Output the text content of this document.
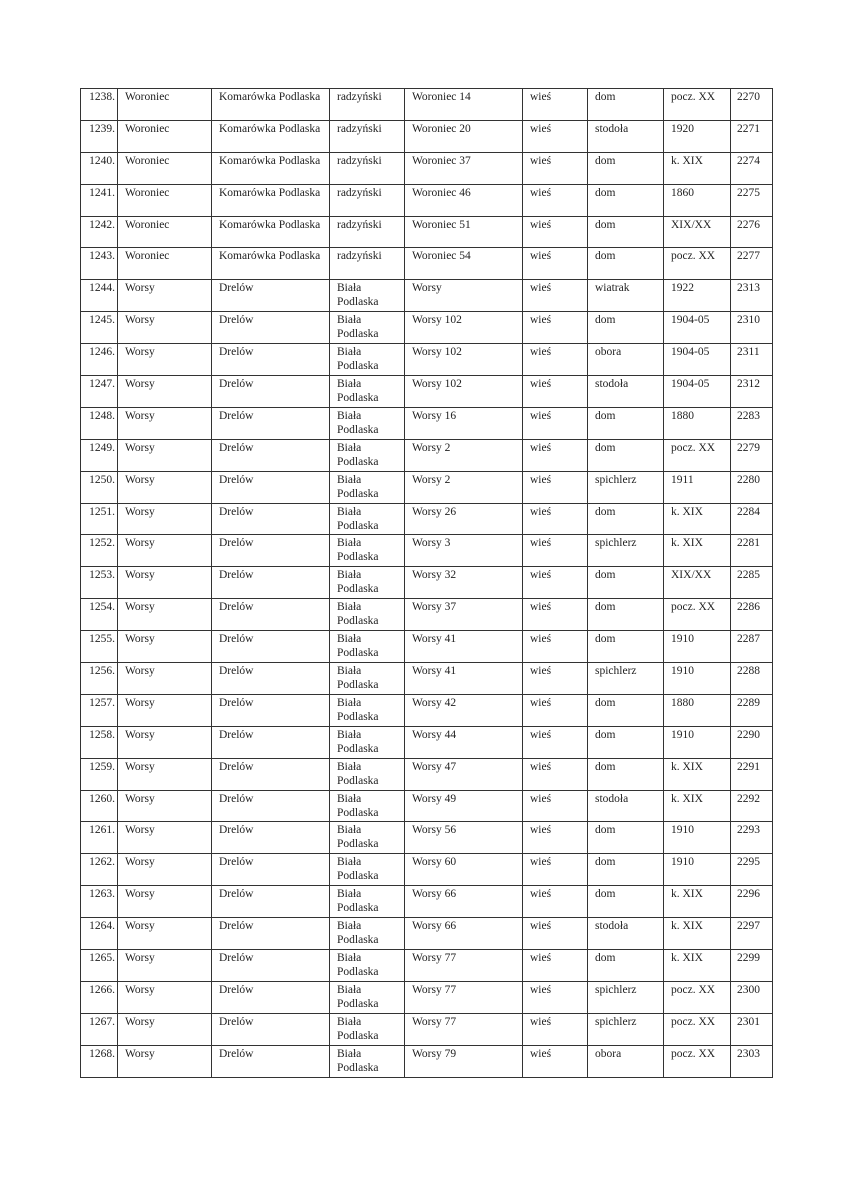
1238.	Woroniec	Komarówka Podlaska	radzyński	Woroniec 14	wieś	dom	pocz. XX	2270
1239.	Woroniec	Komarówka Podlaska	radzyński	Woroniec 20	wieś	stodoła	1920	2271
1240.	Woroniec	Komarówka Podlaska	radzyński	Woroniec 37	wieś	dom	k. XIX	2274
1241.	Woroniec	Komarówka Podlaska	radzyński	Woroniec 46	wieś	dom	1860	2275
1242.	Woroniec	Komarówka Podlaska	radzyński	Woroniec 51	wieś	dom	XIX/XX	2276
1243.	Woroniec	Komarówka Podlaska	radzyński	Woroniec 54	wieś	dom	pocz. XX	2277
1244.	Worsy	Drelów	Biała Podlaska	Worsy	wieś	wiatrak	1922	2313
1245.	Worsy	Drelów	Biała Podlaska	Worsy 102	wieś	dom	1904-05	2310
1246.	Worsy	Drelów	Biała Podlaska	Worsy 102	wieś	obora	1904-05	2311
1247.	Worsy	Drelów	Biała Podlaska	Worsy 102	wieś	stodoła	1904-05	2312
1248.	Worsy	Drelów	Biała Podlaska	Worsy 16	wieś	dom	1880	2283
1249.	Worsy	Drelów	Biała Podlaska	Worsy 2	wieś	dom	pocz. XX	2279
1250.	Worsy	Drelów	Biała Podlaska	Worsy 2	wieś	spichlerz	1911	2280
1251.	Worsy	Drelów	Biała Podlaska	Worsy 26	wieś	dom	k. XIX	2284
1252.	Worsy	Drelów	Biała Podlaska	Worsy 3	wieś	spichlerz	k. XIX	2281
1253.	Worsy	Drelów	Biała Podlaska	Worsy 32	wieś	dom	XIX/XX	2285
1254.	Worsy	Drelów	Biała Podlaska	Worsy 37	wieś	dom	pocz. XX	2286
1255.	Worsy	Drelów	Biała Podlaska	Worsy 41	wieś	dom	1910	2287
1256.	Worsy	Drelów	Biała Podlaska	Worsy 41	wieś	spichlerz	1910	2288
1257.	Worsy	Drelów	Biała Podlaska	Worsy 42	wieś	dom	1880	2289
1258.	Worsy	Drelów	Biała Podlaska	Worsy 44	wieś	dom	1910	2290
1259.	Worsy	Drelów	Biała Podlaska	Worsy 47	wieś	dom	k. XIX	2291
1260.	Worsy	Drelów	Biała Podlaska	Worsy 49	wieś	stodoła	k. XIX	2292
1261.	Worsy	Drelów	Biała Podlaska	Worsy 56	wieś	dom	1910	2293
1262.	Worsy	Drelów	Biała Podlaska	Worsy 60	wieś	dom	1910	2295
1263.	Worsy	Drelów	Biała Podlaska	Worsy 66	wieś	dom	k. XIX	2296
1264.	Worsy	Drelów	Biała Podlaska	Worsy 66	wieś	stodoła	k. XIX	2297
1265.	Worsy	Drelów	Biała Podlaska	Worsy 77	wieś	dom	k. XIX	2299
1266.	Worsy	Drelów	Biała Podlaska	Worsy 77	wieś	spichlerz	pocz. XX	2300
1267.	Worsy	Drelów	Biała Podlaska	Worsy 77	wieś	spichlerz	pocz. XX	2301
1268.	Worsy	Drelów	Biała Podlaska	Worsy 79	wieś	obora	pocz. XX	2303
